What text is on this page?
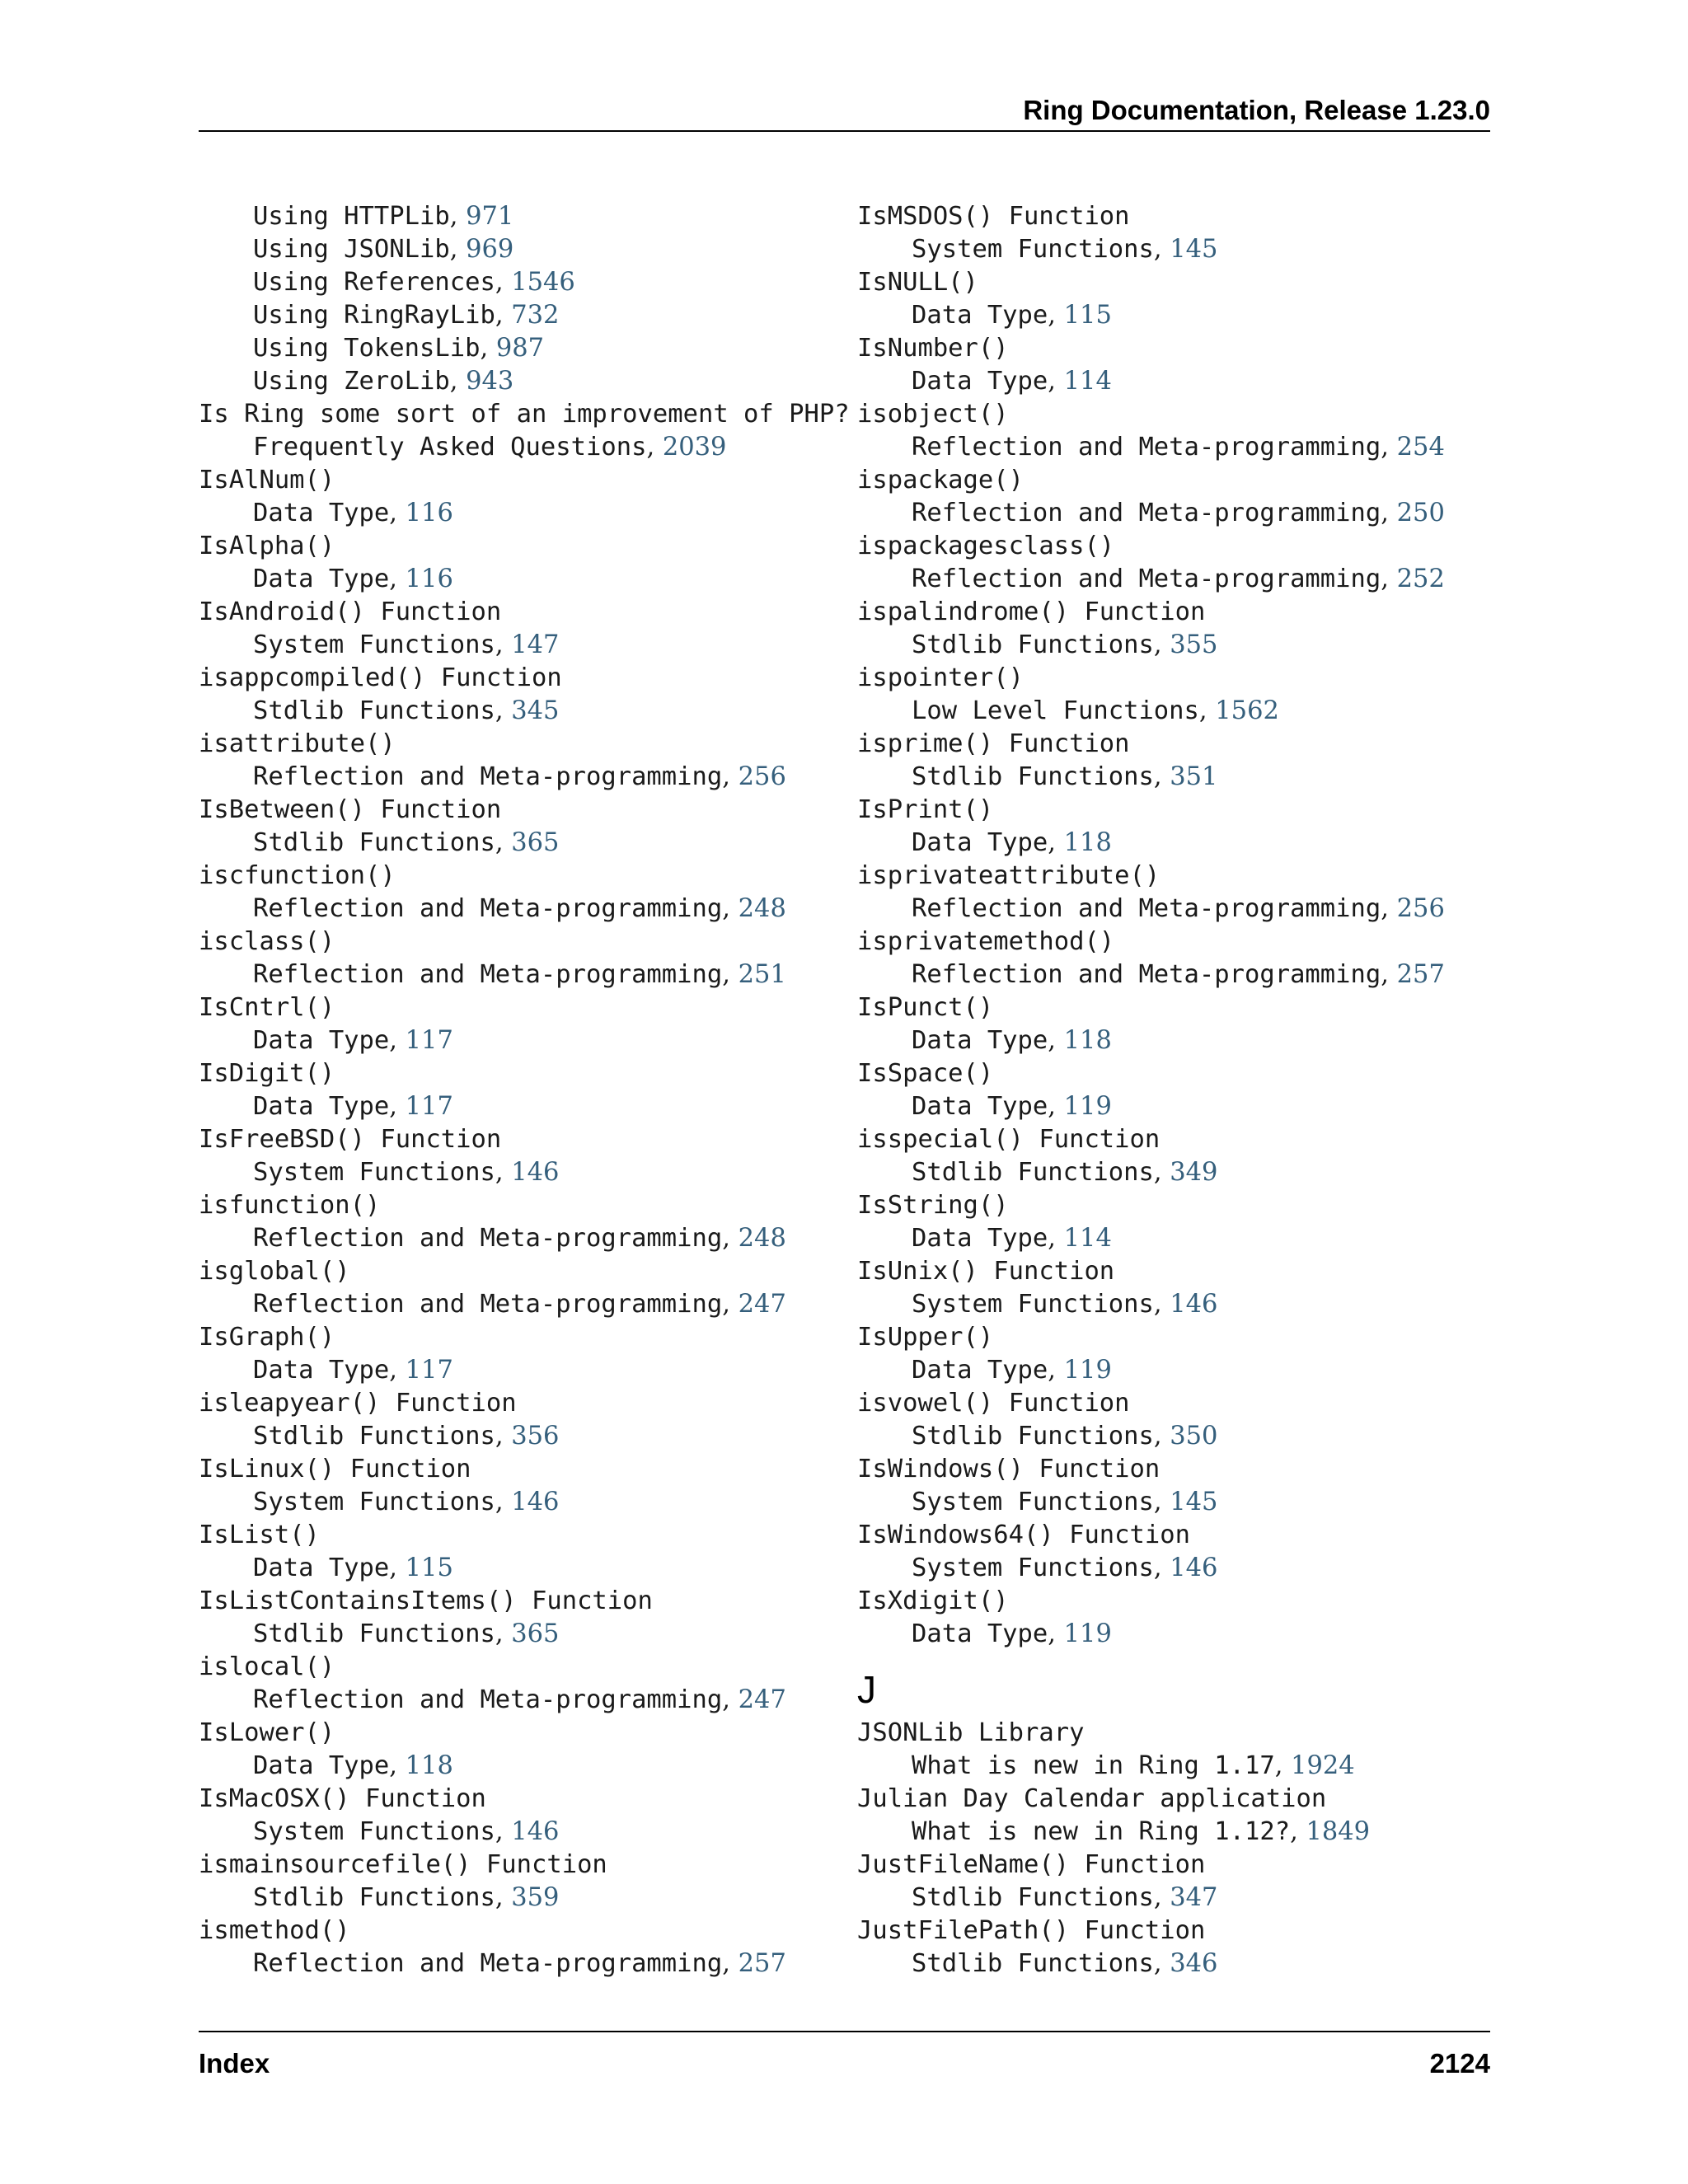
Ring Documentation, Release 1.23.0
Using HTTPLib, 971
Using JSONLib, 969
Using References, 1546
Using RingRayLib, 732
Using TokensLib, 987
Using ZeroLib, 943
Is Ring some sort of an improvement of PHP?
Frequently Asked Questions, 2039
IsAlNum()
Data Type, 116
IsAlpha()
Data Type, 116
IsAndroid() Function
System Functions, 147
isappcompiled() Function
Stdlib Functions, 345
isattribute()
Reflection and Meta-programming, 256
IsBetween() Function
Stdlib Functions, 365
iscfunction()
Reflection and Meta-programming, 248
isclass()
Reflection and Meta-programming, 251
IsCntrl()
Data Type, 117
IsDigit()
Data Type, 117
IsFreeBSD() Function
System Functions, 146
isfunction()
Reflection and Meta-programming, 248
isglobal()
Reflection and Meta-programming, 247
IsGraph()
Data Type, 117
isleapyear() Function
Stdlib Functions, 356
IsLinux() Function
System Functions, 146
IsList()
Data Type, 115
IsListContainsItems() Function
Stdlib Functions, 365
islocal()
Reflection and Meta-programming, 247
IsLower()
Data Type, 118
IsMacOSX() Function
System Functions, 146
ismainsourcefile() Function
Stdlib Functions, 359
ismethod()
Reflection and Meta-programming, 257
IsMSDOS() Function
System Functions, 145
IsNULL()
Data Type, 115
IsNumber()
Data Type, 114
isobject()
Reflection and Meta-programming, 254
ispackage()
Reflection and Meta-programming, 250
ispackagesclass()
Reflection and Meta-programming, 252
ispalindrome() Function
Stdlib Functions, 355
ispointer()
Low Level Functions, 1562
isprime() Function
Stdlib Functions, 351
IsPrint()
Data Type, 118
isprivateattribute()
Reflection and Meta-programming, 256
isprivatemethod()
Reflection and Meta-programming, 257
IsPunct()
Data Type, 118
IsSpace()
Data Type, 119
isspecial() Function
Stdlib Functions, 349
IsString()
Data Type, 114
IsUnix() Function
System Functions, 146
IsUpper()
Data Type, 119
isvowel() Function
Stdlib Functions, 350
IsWindows() Function
System Functions, 145
IsWindows64() Function
System Functions, 146
IsXdigit()
Data Type, 119
J
JSONLib Library
What is new in Ring 1.17, 1924
Julian Day Calendar application
What is new in Ring 1.12?, 1849
JustFileName() Function
Stdlib Functions, 347
JustFilePath() Function
Stdlib Functions, 346
Index	2124
